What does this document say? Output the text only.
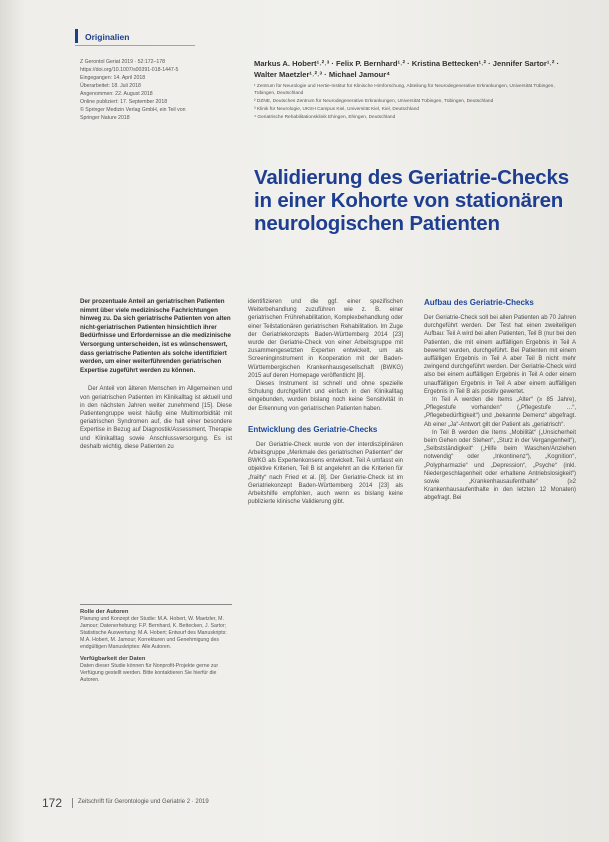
Originalien
Z Gerontol Geriat 2019 · 52:172–178
https://doi.org/10.1007/s00391-018-1447-5
Eingegangen: 14. April 2018
Überarbeitet: 18. Juli 2018
Angenommen: 22. August 2018
Online publiziert: 17. September 2018
© Springer Medizin Verlag GmbH, ein Teil von
Springer Nature 2018
Markus A. Hobert¹˒²˒³ · Felix P. Bernhard¹˒² · Kristina Bettecken¹˒² · Jennifer Sartor¹˒² · Walter Maetzler¹˒²˒³ · Michael Jamour⁴
¹ Zentrum für Neurologie und Hertie-Institut für Klinische Hirnforschung, Abteilung für Neurodegenerative Erkrankungen, Universität Tübingen, Tübingen, Deutschland
² DZNE, Deutsches Zentrum für Neurodegenerative Erkrankungen, Universität Tübingen, Tübingen, Deutschland
³ Klinik für Neurologie, UKSH Campus Kiel, Universität Kiel, Kiel, Deutschland
⁴ Geriatrische Rehabilitationsklinik Ehingen, Ehingen, Deutschland
Validierung des Geriatrie-Checks in einer Kohorte von stationären neurologischen Patienten

Der prozentuale Anteil an geriatrischen Patienten nimmt über viele medizinische Fachrichtungen hinweg zu. Da sich geriatrische Patienten von alten nicht-geriatrischen Patienten hinsichtlich ihrer Bedürfnisse und Erfordernisse an die medizinische Versorgung unterscheiden, ist es wünschenswert, dass geriatrische Patienten als solche identifiziert werden, um einer weiterführenden geriatrischen Expertise zugeführt werden zu können.

Der Anteil von älteren Menschen im Allgemeinen und von geriatrischen Patienten im Klinikalltag ist aktuell und in den nächsten Jahren weiter zunehmend [15]. Diese Patientengruppe weist häufig eine Multimorbidität mit geriatrischen Syndromen auf, die halt einer besondere Expertise in Bezug auf Diagnostik/Assessment, Therapie und Klinikalltag sowie Anschlussversorgung. Es ist deshalb wichtig, diese Patienten zu

Rolle der Autoren

Planung und Konzept der Studie: M.A. Hobert, W. Maetzler, M. Jamour; Datenerhebung: F.P. Bernhard, K. Bettecken, J. Sartor; Statistische Auswertung: M.A. Hobert; Entwurf des Manuskripts: M.A. Hobert, M. Jamour; Korrekturen und Genehmigung des endgültigen Manuskriptes: Alle Autoren.

Verfügbarkeit der Daten

Daten dieser Studie können für Nonprofit-Projekte gerne zur Verfügung gestellt werden. Bitte kontaktieren Sie hierfür die Autoren.

identifizieren und die ggf. einer spezifischen Weiterbehandlung zuzuführen wie z. B. einer geriatrischen Frührehabilitation, Komplexbehandlung oder einer Teilstationären geriatrischen Rehabilitation. Im Zuge der Geriatriekonzepts Baden-Württemberg 2014 [23] wurde der Geriatrie-Check von einer Arbeitsgruppe mit zusammengesetzten Experten entwickelt, um als Screeninginstrument in Kooperation mit der Baden-Württembergischen Krankenhausgesellschaft (BWKG) 2015 auf deren Homepage veröffentlicht [8].

Dieses Instrument ist schnell und ohne spezielle Schulung durchgeführt und einfach in den Klinikalltag eingebunden, wurden bislang noch keine Sensitivität in der Erkennung von geriatrischen Patienten haben.

Entwicklung des Geriatrie-Checks

Der Geriatrie-Check wurde von der interdisziplinären Arbeitsgruppe „Merkmale des geriatrischen Patienten“ der BWKG als Expertenkonsens entwickelt. Teil A umfasst ein objektive Kriterien, Teil B ist angelehnt an die Kriterien für „frailty“ nach Fried et al. [8]. Der Geriatrie-Check ist im Geriatriekonzept Baden-Württemberg 2014 [23] als Arbeitshilfe empfohlen, auch wenn es bislang keine publizierte klinische Validierung gibt.

Aufbau des Geriatrie-Checks

Der Geriatrie-Check soll bei allen Patienten ab 70 Jahren durchgeführt werden. Der Test hat einen zweiteiligen Aufbau: Teil A wird bei allen Patienten, Teil B (nur bei den Patienten, die mit einem auffälligen Ergebnis in Teil A bewertet wurden, durchgeführt. Bei Patienten mit einem auffälligen Ergebnis in Teil A aber Teil B nicht mehr zwingend durchgeführt werden. Der Geriatrie-Check wird also bei einem auffälligen Ergebnis in Teil A oder einem unauffälligen Ergebnis in Teil A aber einem auffälligen Ergebnis in Teil B als positiv gewertet.

In Teil A werden die Items „Alter“ (≥ 85 Jahre), „Pflegestufe vorhanden“ („Pflegestufe …“, „Pflegebedürftigkeit“) und „bekannte Demenz“ abgefragt. Ab einer „Ja“-Antwort gilt der Patient als „geriatrisch“.

In Teil B werden die Items „Mobilität“ („Unsicherheit beim Gehen oder Stehen“, „Sturz in der Vergangenheit“), „Selbstständigkeit“ („Hilfe beim Waschen/Anziehen notwendig“ oder „Inkontinenz“), „Kognition“, „Polypharmazie“ und „Depression“, „Psyche“ (inkl. Niedergeschlagenheit oder erhaltene Antriebslosigkeit“) sowie „Krankenhausaufenthalte“ (≥2 Krankenhausaufenthalte in den letzten 12 Monaten) abgefragt. Bei

172	Zeitschrift für Gerontologie und Geriatrie 2 · 2019
